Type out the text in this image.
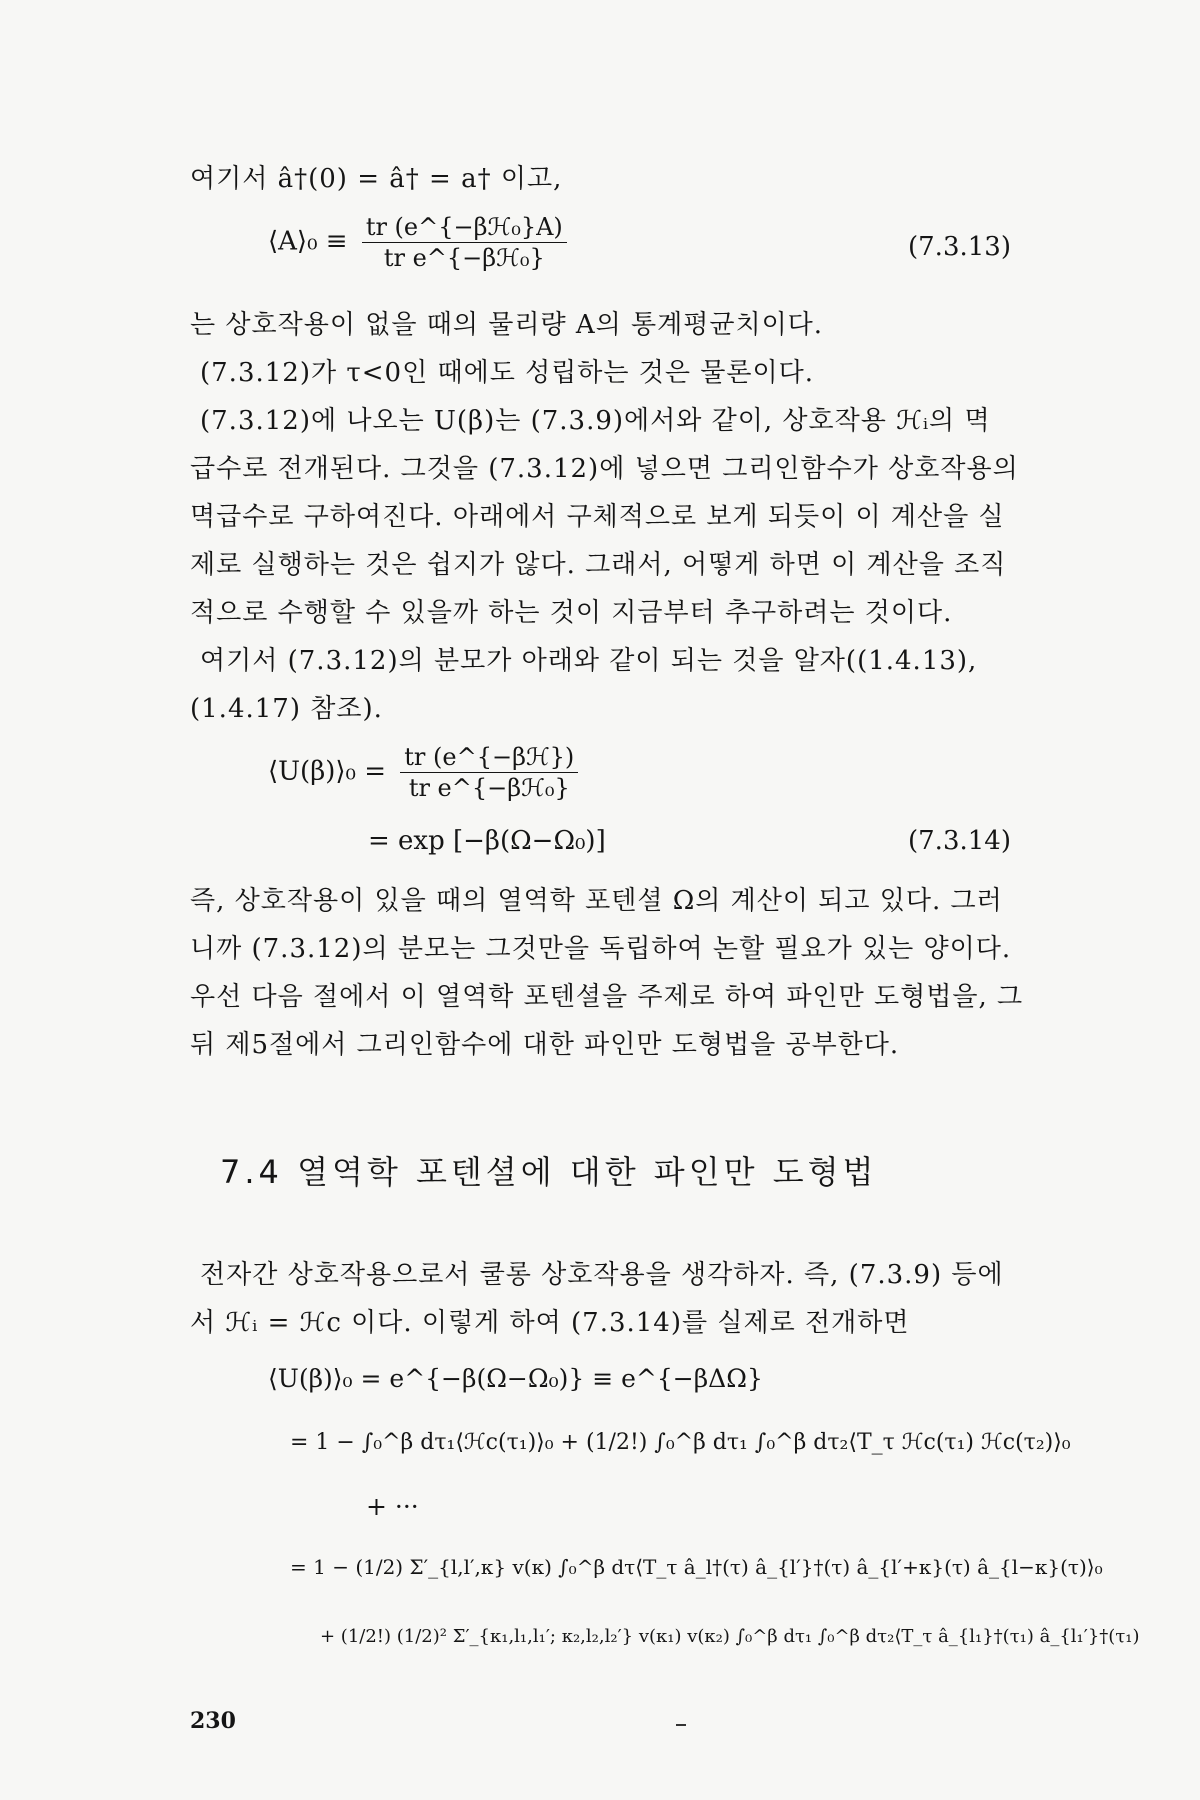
여기서 â†(0) = â† = a† 이고,
⟨A⟩₀ ≡ $\frac{\text{tr (e\textasciicircum{}\{−βℋ₀\}A)}}{\text{tr e\textasciicircum{}\{−βℋ₀\}}}$	(7.3.13)
는 상호작용이 없을 때의 물리량 A의 통계평균치이다.
(7.3.12)가 τ<0인 때에도 성립하는 것은 물론이다.
(7.3.12)에 나오는 U(β)는 (7.3.9)에서와 같이, 상호작용 ℋᵢ의 멱
급수로 전개된다. 그것을 (7.3.12)에 넣으면 그리인함수가 상호작용의
멱급수로 구하여진다. 아래에서 구체적으로 보게 되듯이 이 계산을 실
제로 실행하는 것은 쉽지가 않다. 그래서, 어떻게 하면 이 계산을 조직
적으로 수행할 수 있을까 하는 것이 지금부터 추구하려는 것이다.
여기서 (7.3.12)의 분모가 아래와 같이 되는 것을 알자((1.4.13),
(1.4.17) 참조).
⟨U(β)⟩₀ = $\frac{\text{tr (e\textasciicircum{}\{−βℋ\})}}{\text{tr e\textasciicircum{}\{−βℋ₀\}}}$
= exp [−β(Ω−Ω₀)]	(7.3.14)
즉, 상호작용이 있을 때의 열역학 포텐셜 Ω의 계산이 되고 있다. 그러
니까 (7.3.12)의 분모는 그것만을 독립하여 논할 필요가 있는 양이다.
우선 다음 절에서 이 열역학 포텐셜을 주제로 하여 파인만 도형법을, 그
뒤 제5절에서 그리인함수에 대한 파인만 도형법을 공부한다.
7.4 열역학 포텐셜에 대한 파인만 도형법
전자간 상호작용으로서 쿨롱 상호작용을 생각하자. 즉, (7.3.9) 등에
서 ℋᵢ = ℋc 이다. 이렇게 하여 (7.3.14)를 실제로 전개하면
⟨U(β)⟩₀ = e^{−β(Ω−Ω₀)} ≡ e^{−βΔΩ}
= 1 − ∫₀^β dτ₁⟨ℋc(τ₁)⟩₀ + (1/2!) ∫₀^β dτ₁ ∫₀^β dτ₂⟨T_τ ℋc(τ₁) ℋc(τ₂)⟩₀
+ ···
= 1 − (1/2) Σ′_{l,l′,κ} v(κ) ∫₀^β dτ⟨T_τ â_l†(τ) â_{l′}†(τ) â_{l′+κ}(τ) â_{l−κ}(τ)⟩₀
+ (1/2!) (1/2)² Σ′_{κ₁,l₁,l₁′; κ₂,l₂,l₂′} v(κ₁) v(κ₂) ∫₀^β dτ₁ ∫₀^β dτ₂⟨T_τ â_{l₁}†(τ₁) â_{l₁′}†(τ₁)
230
